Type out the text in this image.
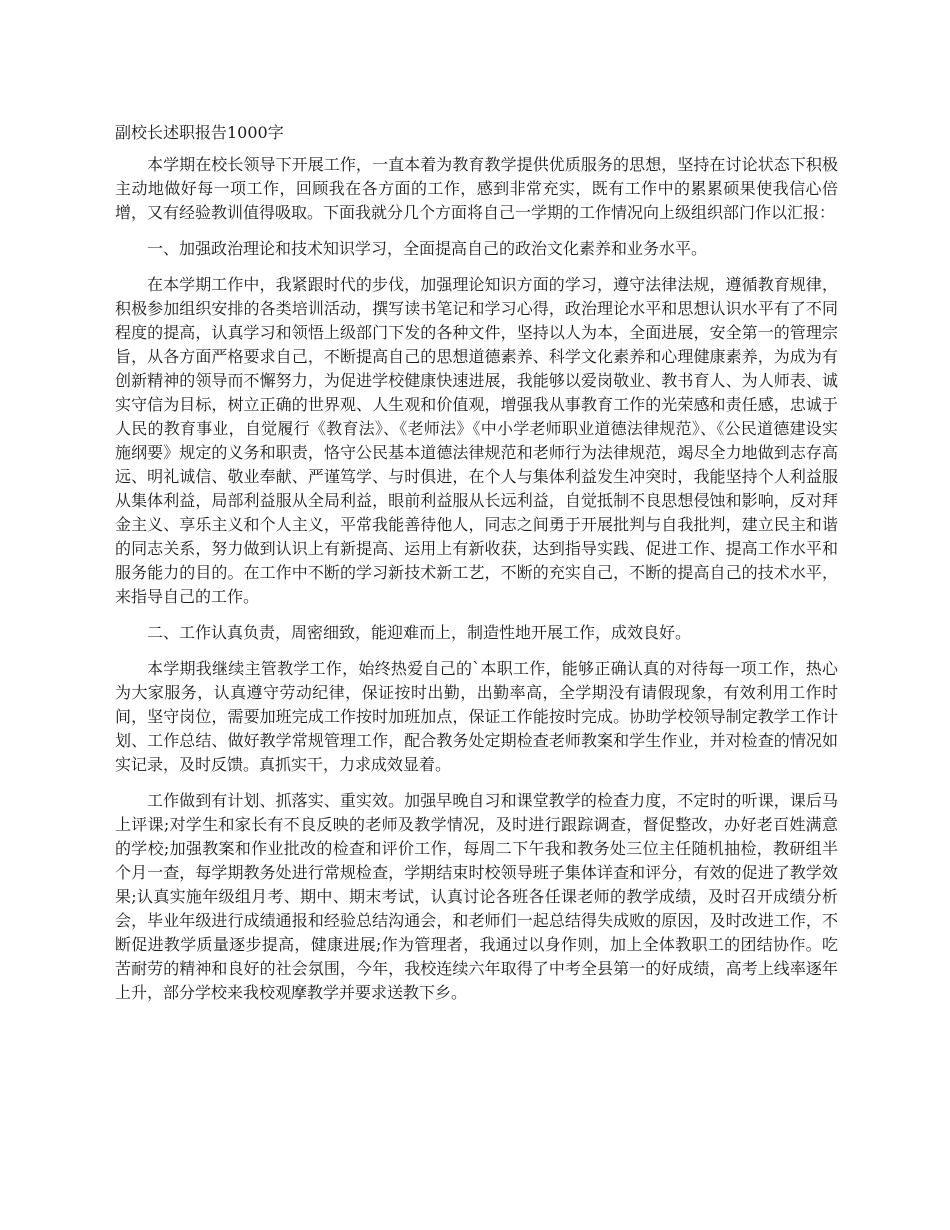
副校长述职报告1000字

本学期在校长领导下开展工作，一直本着为教育教学提供优质服务的思想，坚持在讨论状态下积极主动地做好每一项工作，回顾我在各方面的工作，感到非常充实，既有工作中的累累硕果使我信心倍增，又有经验教训值得吸取。下面我就分几个方面将自己一学期的工作情况向上级组织部门作以汇报：

一、加强政治理论和技术知识学习，全面提高自己的政治文化素养和业务水平。

在本学期工作中，我紧跟时代的步伐，加强理论知识方面的学习，遵守法律法规，遵循教育规律，积极参加组织安排的各类培训活动，撰写读书笔记和学习心得，政治理论水平和思想认识水平有了不同程度的提高，认真学习和领悟上级部门下发的各种文件，坚持以人为本，全面进展，安全第一的管理宗旨，从各方面严格要求自己，不断提高自己的思想道德素养、科学文化素养和心理健康素养，为成为有创新精神的领导而不懈努力，为促进学校健康快速进展，我能够以爱岗敬业、教书育人、为人师表、诚实守信为目标，树立正确的世界观、人生观和价值观，增强我从事教育工作的光荣感和责任感，忠诚于人民的教育事业，自觉履行《教育法》、《老师法》《中小学老师职业道德法律规范》、《公民道德建设实施纲要》规定的义务和职责，恪守公民基本道德法律规范和老师行为法律规范，竭尽全力地做到志存高远、明礼诚信、敬业奉献、严谨笃学、与时俱进，在个人与集体利益发生冲突时，我能坚持个人利益服从集体利益，局部利益服从全局利益，眼前利益服从长远利益，自觉抵制不良思想侵蚀和影响，反对拜金主义、享乐主义和个人主义，平常我能善待他人，同志之间勇于开展批判与自我批判，建立民主和谐的同志关系，努力做到认识上有新提高、运用上有新收获，达到指导实践、促进工作、提高工作水平和服务能力的目的。在工作中不断的学习新技术新工艺，不断的充实自己，不断的提高自己的技术水平，来指导自己的工作。

二、工作认真负责，周密细致，能迎难而上，制造性地开展工作，成效良好。

本学期我继续主管教学工作，始终热爱自己的`本职工作，能够正确认真的对待每一项工作，热心为大家服务，认真遵守劳动纪律，保证按时出勤，出勤率高，全学期没有请假现象，有效利用工作时间，坚守岗位，需要加班完成工作按时加班加点，保证工作能按时完成。协助学校领导制定教学工作计划、工作总结、做好教学常规管理工作，配合教务处定期检查老师教案和学生作业，并对检查的情况如实记录，及时反馈。真抓实干，力求成效显着。

工作做到有计划、抓落实、重实效。加强早晚自习和课堂教学的检查力度，不定时的听课，课后马上评课;对学生和家长有不良反映的老师及教学情况，及时进行跟踪调查，督促整改，办好老百姓满意的学校;加强教案和作业批改的检查和评价工作，每周二下午我和教务处三位主任随机抽检，教研组半个月一查，每学期教务处进行常规检查，学期结束时校领导班子集体详查和评分，有效的促进了教学效果;认真实施年级组月考、期中、期末考试，认真讨论各班各任课老师的教学成绩，及时召开成绩分析会，毕业年级进行成绩通报和经验总结沟通会，和老师们一起总结得失成败的原因，及时改进工作，不断促进教学质量逐步提高，健康进展;作为管理者，我通过以身作则，加上全体教职工的团结协作。吃苦耐劳的精神和良好的社会氛围，今年，我校连续六年取得了中考全县第一的好成绩，高考上线率逐年上升，部分学校来我校观摩教学并要求送教下乡。
